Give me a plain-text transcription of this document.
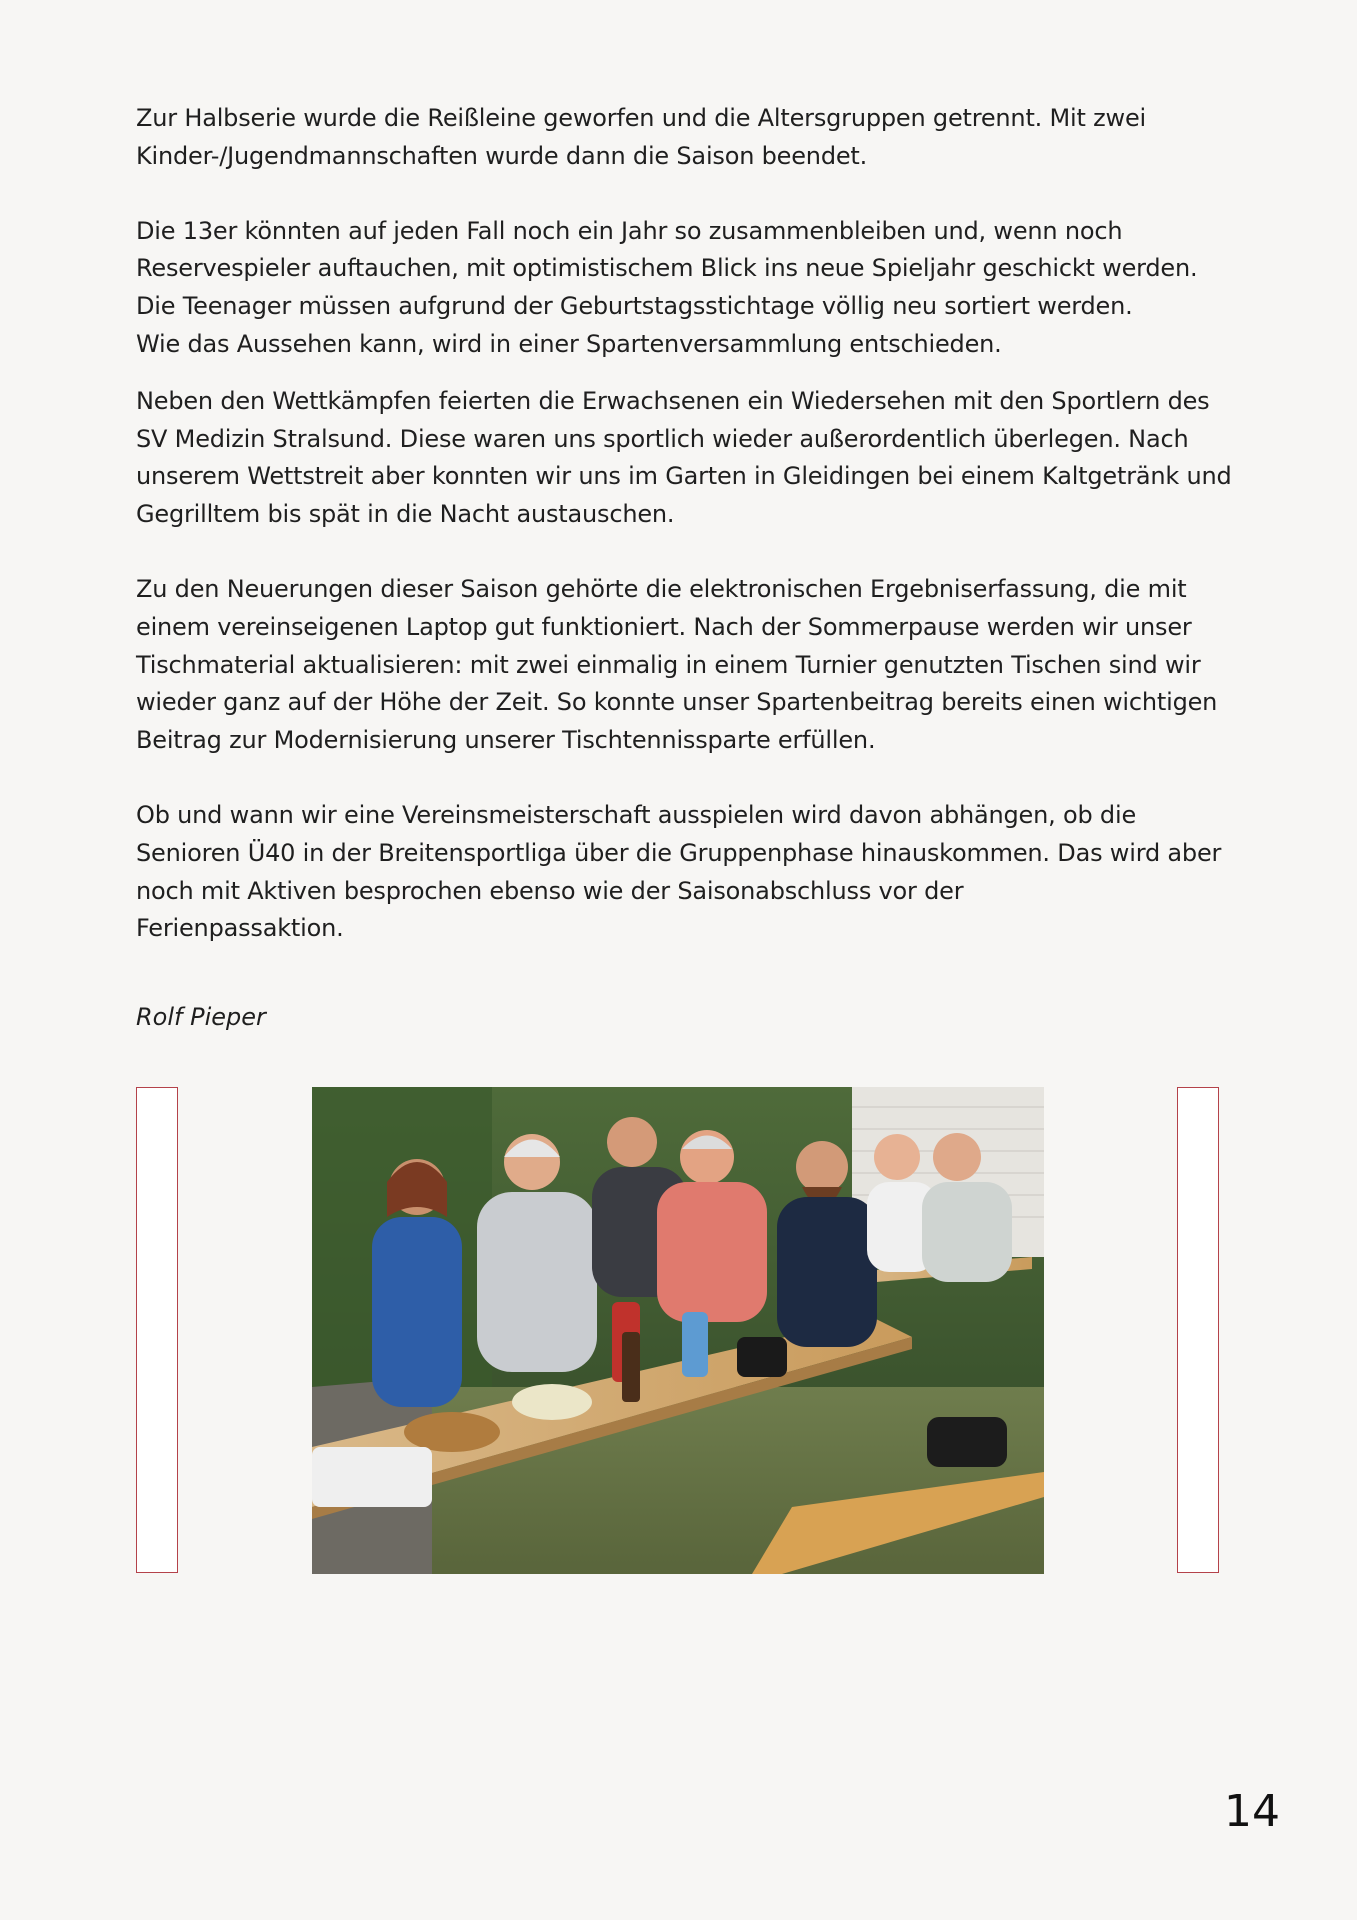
Zur Halbserie wurde die Reißleine geworfen und die Altersgruppen getrennt. Mit zwei
Kinder-/Jugendmannschaften wurde dann die Saison beendet.

Die 13er könnten auf jeden Fall noch ein Jahr so zusammenbleiben und, wenn noch
Reservespieler auftauchen, mit optimistischem Blick ins neue Spieljahr geschickt werden.
Die Teenager müssen aufgrund der Geburtstagsstichtage völlig neu sortiert werden.
Wie das Aussehen kann, wird in einer Spartenversammlung entschieden.

Neben den Wettkämpfen feierten die Erwachsenen ein Wiedersehen mit den Sportlern des
SV Medizin Stralsund. Diese waren uns sportlich wieder außerordentlich überlegen. Nach
unserem Wettstreit aber konnten wir uns im Garten in Gleidingen bei einem Kaltgetränk und
Gegrilltem bis spät in die Nacht austauschen.

Zu den Neuerungen dieser Saison gehörte die elektronischen Ergebniserfassung, die mit
einem vereinseigenen Laptop gut funktioniert. Nach der Sommerpause werden wir unser
Tischmaterial aktualisieren: mit zwei einmalig in einem Turnier genutzten Tischen sind wir
wieder ganz auf der Höhe der Zeit. So konnte unser Spartenbeitrag bereits einen wichtigen
Beitrag zur Modernisierung unserer Tischtennissparte erfüllen.

Ob und wann wir eine Vereinsmeisterschaft ausspielen wird davon abhängen, ob die
Senioren Ü40 in der Breitensportliga über die Gruppenphase hinauskommen. Das wird aber
noch mit Aktiven besprochen ebenso wie der Saisonabschluss vor der
Ferienpassaktion.

Rolf Pieper

14
